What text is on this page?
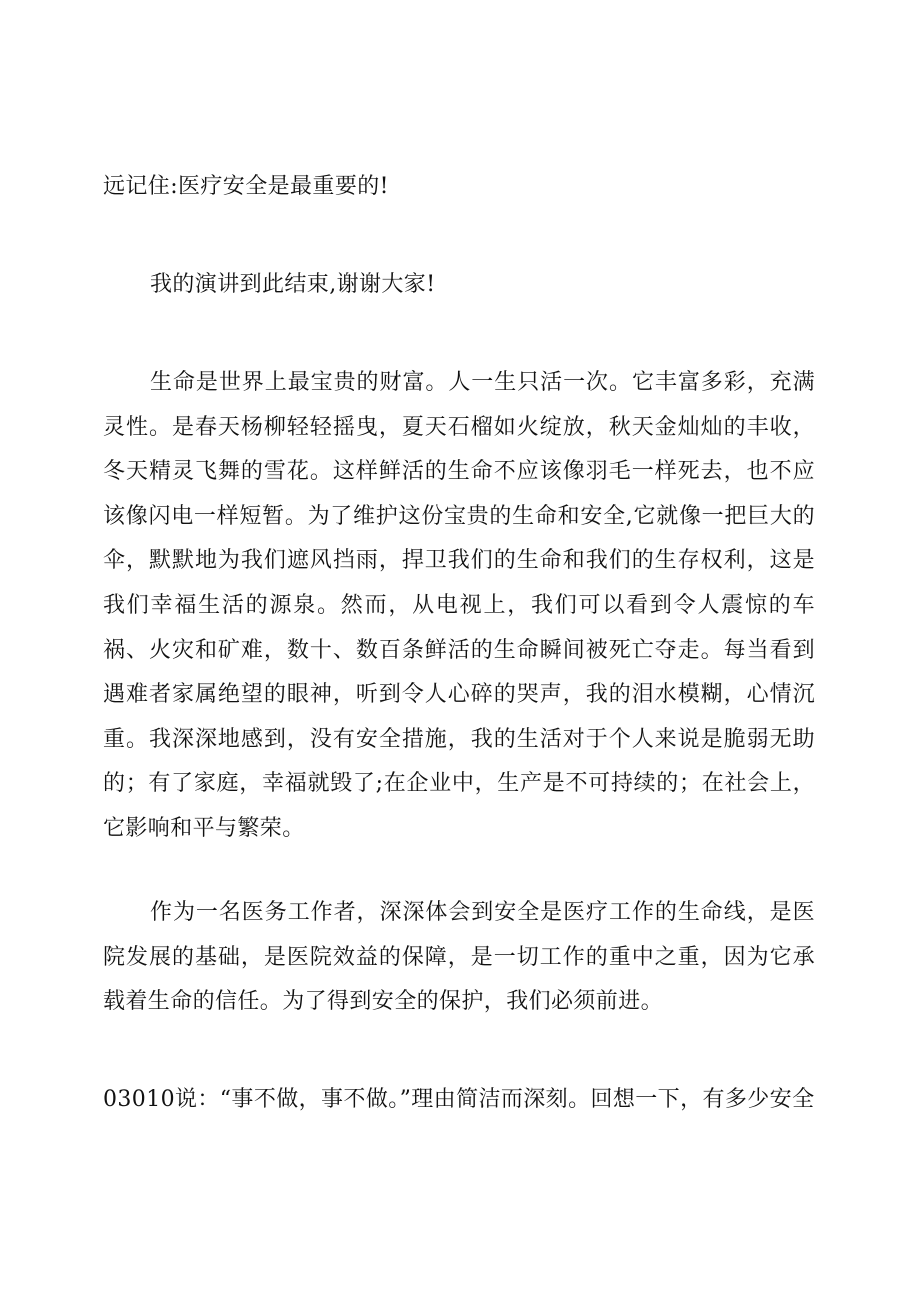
远记住:医疗安全是最重要的!

我的演讲到此结束,谢谢大家!

生命是世界上最宝贵的财富。人一生只活一次。它丰富多彩，充满灵性。是春天杨柳轻轻摇曳，夏天石榴如火绽放，秋天金灿灿的丰收，冬天精灵飞舞的雪花。这样鲜活的生命不应该像羽毛一样死去，也不应该像闪电一样短暂。为了维护这份宝贵的生命和安全,它就像一把巨大的伞，默默地为我们遮风挡雨，捍卫我们的生命和我们的生存权利，这是我们幸福生活的源泉。然而，从电视上，我们可以看到令人震惊的车祸、火灾和矿难，数十、数百条鲜活的生命瞬间被死亡夺走。每当看到遇难者家属绝望的眼神，听到令人心碎的哭声，我的泪水模糊，心情沉重。我深深地感到，没有安全措施，我的生活对于个人来说是脆弱无助的；有了家庭，幸福就毁了;在企业中，生产是不可持续的；在社会上，它影响和平与繁荣。

作为一名医务工作者，深深体会到安全是医疗工作的生命线，是医院发展的基础，是医院效益的保障，是一切工作的重中之重，因为它承载着生命的信任。为了得到安全的保护，我们必须前进。

03010说：“事不做，事不做。”理由简洁而深刻。回想一下，有多少安全
